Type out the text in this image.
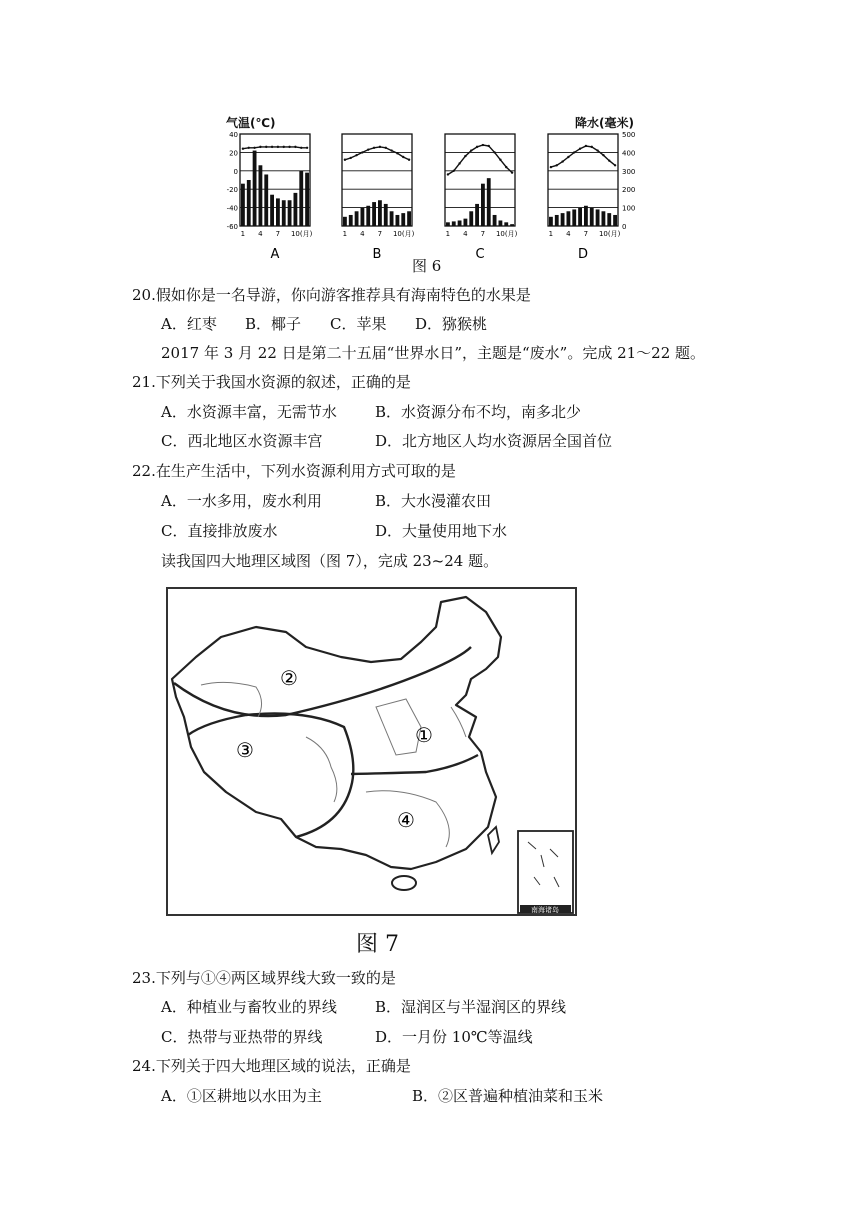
气温(℃)	降水(毫米)
40
20
0
-20
-40
-60
500
400
300
200
100
0
1 4 7 10 (月)
A
1 4 7 10 (月)
B
1 4 7 10 (月)
C
1 4 7 10 (月)
D
图 6
20.假如你是一名导游，你向游客推荐具有海南特色的水果是
A．红枣 B．椰子 C．苹果 D．猕猴桃
2017 年 3 月 22 日是第二十五届“世界水日”，主题是“废水”。完成 21～22 题。
21.下列关于我国水资源的叙述，正确的是
A．水资源丰富，无需节水	B．水资源分布不均，南多北少
C．西北地区水资源丰宫	D．北方地区人均水资源居全国首位
22.在生产生活中，下列水资源利用方式可取的是
A．一水多用，废水利用	B．大水漫灌农田
C．直接排放废水	D．大量使用地下水
读我国四大地理区域图（图 7），完成 23~24 题。
南海诸岛
②
③
①
④
图 7
23.下列与①④两区域界线大致一致的是
A．种植业与畜牧业的界线	B．湿润区与半湿润区的界线
C．热带与亚热带的界线	D．一月份 10℃等温线
24.下列关于四大地理区域的说法，正确是
A．①区耕地以水田为主	B．②区普遍种植油菜和玉米
